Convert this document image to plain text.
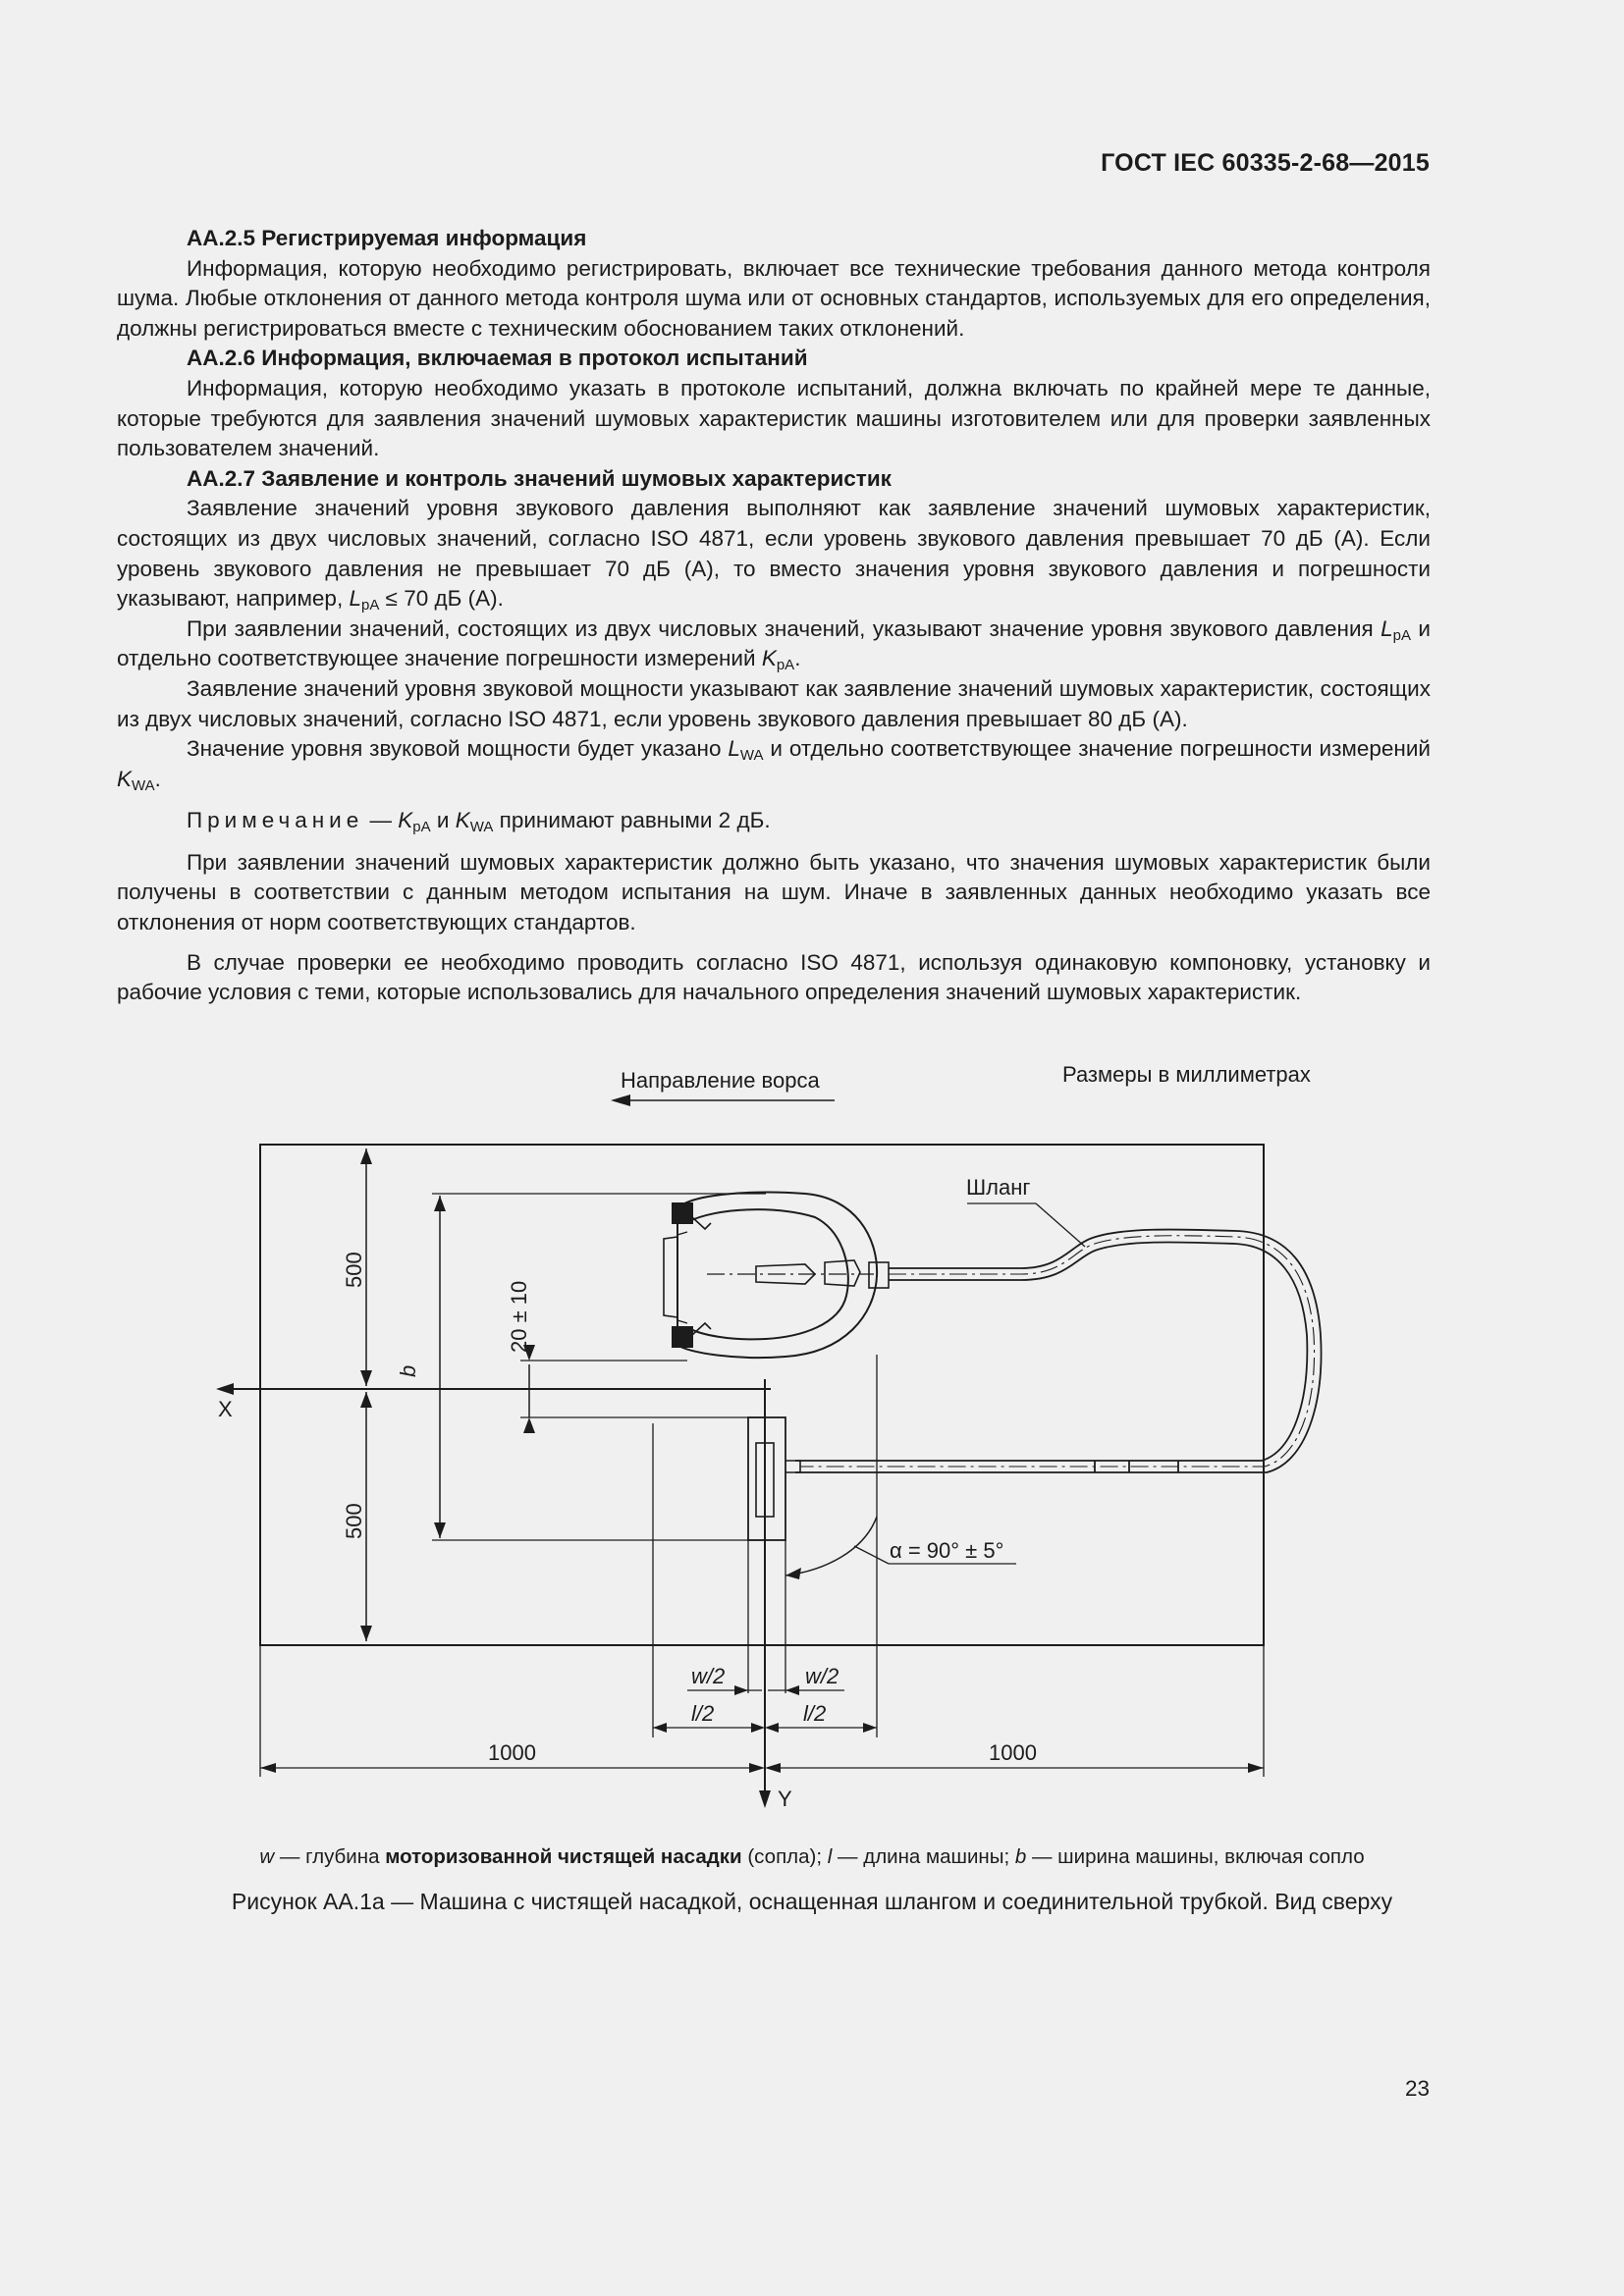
ГОСТ IEC 60335-2-68—2015

АА.2.5 Регистрируемая информация

Информация, которую необходимо регистрировать, включает все технические требования данного метода контроля шума. Любые отклонения от данного метода контроля шума или от основных стандартов, используемых для его определения, должны регистрироваться вместе с техническим обоснованием таких отклонений.

АА.2.6 Информация, включаемая в протокол испытаний

Информация, которую необходимо указать в протоколе испытаний, должна включать по крайней мере те данные, которые требуются для заявления значений шумовых характеристик машины изготовителем или для проверки заявленных пользователем значений.

АА.2.7 Заявление и контроль значений шумовых характеристик

Заявление значений уровня звукового давления выполняют как заявление значений шумовых характеристик, состоящих из двух числовых значений, согласно ISO 4871, если уровень звукового давления превышает 70 дБ (А). Если уровень звукового давления не превышает 70 дБ (А), то вместо значения уровня звукового давления и погрешности указывают, например, $L_{pA} \le 70$ дБ (А).

При заявлении значений, состоящих из двух числовых значений, указывают значение уровня звукового давления $L_{pA}$ и отдельно соответствующее значение погрешности измерений $K_{pA}$.

Заявление значений уровня звуковой мощности указывают как заявление значений шумовых характеристик, состоящих из двух числовых значений, согласно ISO 4871, если уровень звукового давления превышает 80 дБ (А).

Значение уровня звуковой мощности будет указано $L_{WA}$ и отдельно соответствующее значение погрешности измерений $K_{WA}$.

Примечание — $K_{pA}$ и $K_{WA}$ принимают равными 2 дБ.

При заявлении значений шумовых характеристик должно быть указано, что значения шумовых характеристик были получены в соответствии с данным методом испытания на шум. Иначе в заявленных данных необходимо указать все отклонения от норм соответствующих стандартов.

В случае проверки ее необходимо проводить согласно ISO 4871, используя одинаковую компоновку, установку и рабочие условия с теми, которые использовались для начального определения значений шумовых характеристик.

Направление ворса	Размеры в миллиметрах
Шланг
X
Y
500
500
b
20 ± 10
α = 90° ± 5°
w/2	w/2
l/2	l/2
1000	1000
w — глубина моторизованной чистящей насадки (сопла); l — длина машины; b — ширина машины, включая сопло
Рисунок АА.1а — Машина с чистящей насадкой, оснащенная шлангом и соединительной трубкой. Вид сверху
23
